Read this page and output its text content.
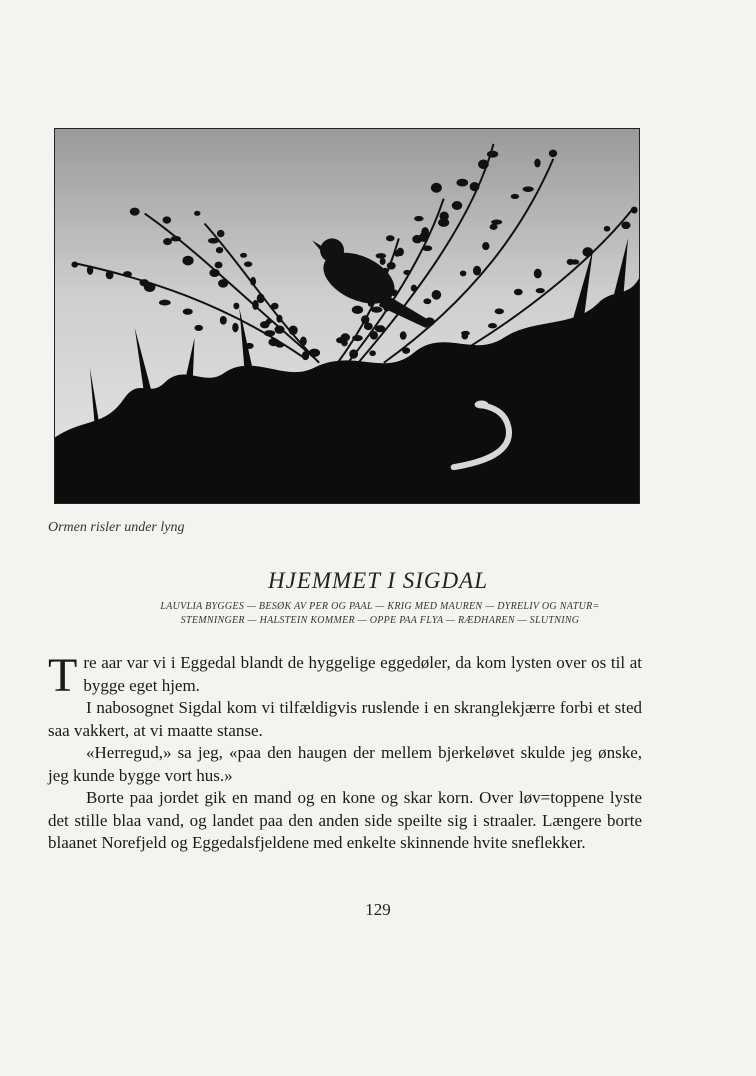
Ormen risler under lyng
HJEMMET I SIGDAL
LAUVLIA BYGGES — BESØK AV PER OG PAAL — KRIG MED MAUREN — DYRELIV OG NATUR=
STEMNINGER — HALSTEIN KOMMER — OPPE PAA FLYA — RÆDHAREN — SLUTNING

Tre aar var vi i Eggedal blandt de hyggelige eggedøler, da kom lysten over os til at bygge eget hjem.

I nabosognet Sigdal kom vi tilfældigvis ruslende i en skranglekjærre forbi et sted saa vakkert, at vi maatte stanse.

«Herregud,» sa jeg, «paa den haugen der mellem bjerkeløvet skulde jeg ønske, jeg kunde bygge vort hus.»

Borte paa jordet gik en mand og en kone og skar korn. Over løv=toppene lyste det stille blaa vand, og landet paa den anden side speilte sig i straaler. Længere borte blaanet Norefjeld og Eggedalsfjeldene med enkelte skinnende hvite sneflekker.

129
